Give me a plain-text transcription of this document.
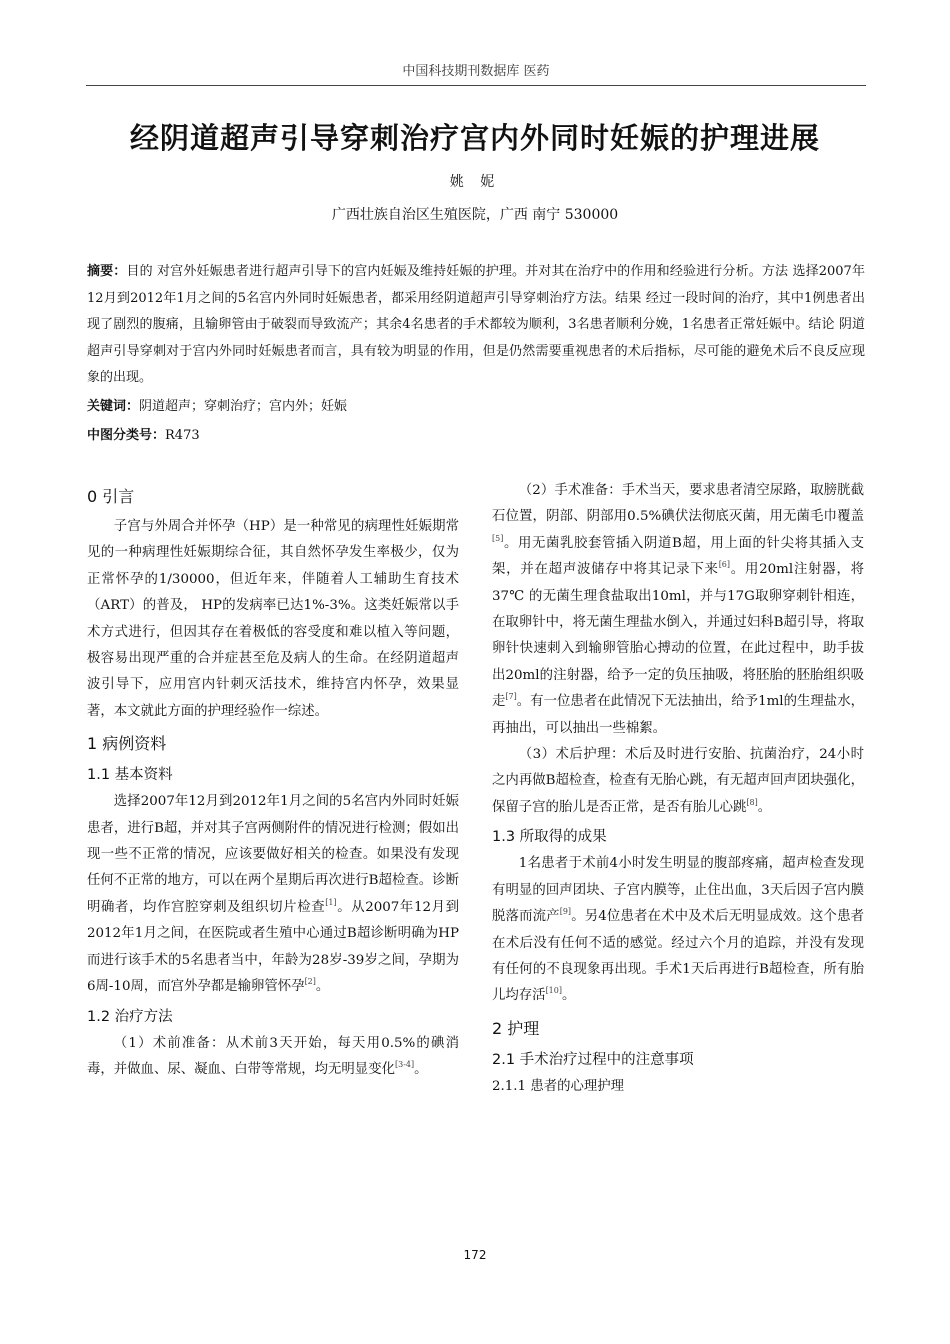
中国科技期刊数据库 医药
经阴道超声引导穿刺治疗宫内外同时妊娠的护理进展
姚 妮
广西壮族自治区生殖医院，广西 南宁 530000
摘要：目的 对宫外妊娠患者进行超声引导下的宫内妊娠及维持妊娠的护理。并对其在治疗中的作用和经验进行分析。方法 选择2007年12月到2012年1月之间的5名宫内外同时妊娠患者，都采用经阴道超声引导穿刺治疗方法。结果 经过一段时间的治疗，其中1例患者出现了剧烈的腹痛，且输卵管由于破裂而导致流产；其余4名患者的手术都较为顺利，3名患者顺利分娩，1名患者正常妊娠中。结论 阴道超声引导穿刺对于宫内外同时妊娠患者而言，具有较为明显的作用，但是仍然需要重视患者的术后指标，尽可能的避免术后不良反应现象的出现。
关键词：阴道超声；穿刺治疗；宫内外；妊娠
中图分类号：R473
0 引言

子宫与外周合并怀孕（HP）是一种常见的病理性妊娠期常见的一种病理性妊娠期综合征，其自然怀孕发生率极少，仅为正常怀孕的1/30000，但近年来，伴随着人工辅助生育技术（ART）的普及， HP的发病率已达1%-3%。这类妊娠常以手术方式进行，但因其存在着极低的容受度和难以植入等问题，极容易出现严重的合并症甚至危及病人的生命。在经阴道超声波引导下，应用宫内针刺灭活技术，维持宫内怀孕，效果显著，本文就此方面的护理经验作一综述。

1 病例资料
1.1 基本资料

选择2007年12月到2012年1月之间的5名宫内外同时妊娠患者，进行B超，并对其子宫两侧附件的情况进行检测；假如出现一些不正常的情况，应该要做好相关的检查。如果没有发现任何不正常的地方，可以在两个星期后再次进行B超检查。诊断明确者，均作宫腔穿刺及组织切片检查[1]。从2007年12月到2012年1月之间，在医院或者生殖中心通过B超诊断明确为HP而进行该手术的5名患者当中，年龄为28岁-39岁之间，孕期为6周-10周，而宫外孕都是输卵管怀孕[2]。

1.2 治疗方法

（1）术前准备：从术前3天开始，每天用0.5%的碘消毒，并做血、尿、凝血、白带等常规，均无明显变化[3-4]。

（2）手术准备：手术当天，要求患者清空尿路，取膀胱截石位置，阴部、阴部用0.5%碘伏法彻底灭菌，用无菌毛巾覆盖[5]。用无菌乳胶套管插入阴道B超，用上面的针尖将其插入支架，并在超声波储存中将其记录下来[6]。用20ml注射器，将37℃ 的无菌生理食盐取出10ml，并与17G取卵穿刺针相连，在取卵针中，将无菌生理盐水倒入，并通过妇科B超引导，将取卵针快速刺入到输卵管胎心搏动的位置，在此过程中，助手拔出20ml的注射器，给予一定的负压抽吸，将胚胎的胚胎组织吸走[7]。有一位患者在此情况下无法抽出，给予1ml的生理盐水，再抽出，可以抽出一些棉絮。

（3）术后护理：术后及时进行安胎、抗菌治疗，24小时之内再做B超检查，检查有无胎心跳，有无超声回声团块强化，保留子宫的胎儿是否正常，是否有胎儿心跳[8]。

1.3 所取得的成果

1名患者于术前4小时发生明显的腹部疼痛，超声检查发现有明显的回声团块、子宫内膜等，止住出血，3天后因子宫内膜脱落而流产[9]。另4位患者在术中及术后无明显成效。这个患者在术后没有任何不适的感觉。经过六个月的追踪，并没有发现有任何的不良现象再出现。手术1天后再进行B超检查，所有胎儿均存活[10]。

2 护理
2.1 手术治疗过程中的注意事项
2.1.1 患者的心理护理
172
